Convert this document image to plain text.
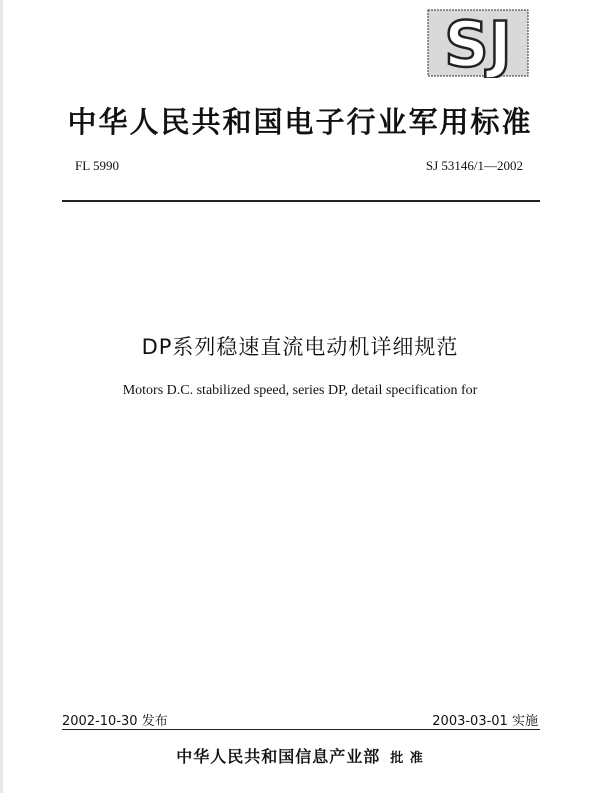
SJ
中华人民共和国电子行业军用标准
FL 5990	SJ 53146/1—2002
DP系列稳速直流电动机详细规范
Motors D.C. stabilized speed, series DP, detail specification for
2002-10-30 发布	2003-03-01 实施
中华人民共和国信息产业部 批 准
